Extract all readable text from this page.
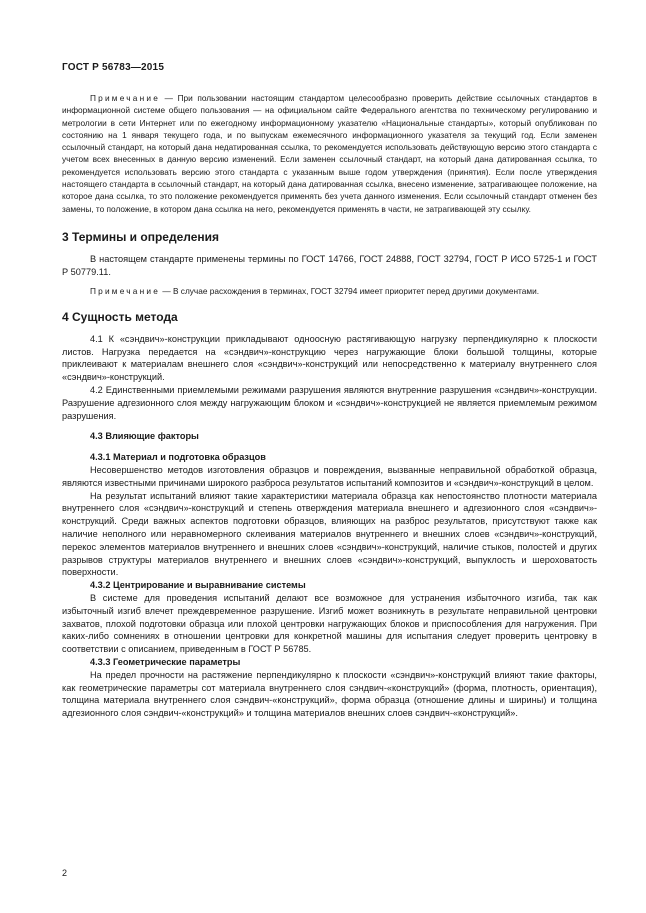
ГОСТ Р 56783—2015

Примечание — При пользовании настоящим стандартом целесообразно проверить действие ссылочных стандартов в информационной системе общего пользования — на официальном сайте Федерального агентства по техническому регулированию и метрологии в сети Интернет или по ежегодному информационному указателю «Национальные стандарты», который опубликован по состоянию на 1 января текущего года, и по выпускам ежемесячного информационного указателя за текущий год. Если заменен ссылочный стандарт, на который дана недатированная ссылка, то рекомендуется использовать действующую версию этого стандарта с учетом всех внесенных в данную версию изменений. Если заменен ссылочный стандарт, на который дана датированная ссылка, то рекомендуется использовать версию этого стандарта с указанным выше годом утверждения (принятия). Если после утверждения настоящего стандарта в ссылочный стандарт, на который дана датированная ссылка, внесено изменение, затрагивающее положение, на которое дана ссылка, то это положение рекомендуется применять без учета данного изменения. Если ссылочный стандарт отменен без замены, то положение, в котором дана ссылка на него, рекомендуется применять в части, не затрагивающей эту ссылку.

3 Термины и определения

В настоящем стандарте применены термины по ГОСТ 14766, ГОСТ 24888, ГОСТ 32794, ГОСТ Р ИСО 5725-1 и ГОСТ Р 50779.11.

Примечание — В случае расхождения в терминах, ГОСТ 32794 имеет приоритет перед другими документами.

4 Сущность метода

4.1 К «сэндвич»-конструкции прикладывают одноосную растягивающую нагрузку перпендикулярно к плоскости листов. Нагрузка передается на «сэндвич»-конструкцию через нагружающие блоки большой толщины, которые приклеивают к материалам внешнего слоя «сэндвич»-конструкций или непосредственно к материалу внутреннего слоя «сэндвич»-конструкций.

4.2 Единственными приемлемыми режимами разрушения являются внутренние разрушения «сэндвич»-конструкции. Разрушение адгезионного слоя между нагружающим блоком и «сэндвич»-конструкцией не является приемлемым режимом разрушения.

4.3 Влияющие факторы

4.3.1 Материал и подготовка образцов

Несовершенство методов изготовления образцов и повреждения, вызванные неправильной обработкой образца, являются известными причинами широкого разброса результатов испытаний композитов и «сэндвич»-конструкций в целом.

На результат испытаний влияют такие характеристики материала образца как непостоянство плотности материала внутреннего слоя «сэндвич»-конструкций и степень отверждения материала внешнего и адгезионного слоя «сэндвич»-конструкций. Среди важных аспектов подготовки образцов, влияющих на разброс результатов, присутствуют также как наличие неполного или неравномерного склеивания материалов внутреннего и внешних слоев «сэндвич»-конструкций, перекос элементов материалов внутреннего и внешних слоев «сэндвич»-конструкций, наличие стыков, полостей и других разрывов структуры материалов внутреннего и внешних слоев «сэндвич»-конструкций, выпуклость и шероховатость поверхности.

4.3.2 Центрирование и выравнивание системы

В системе для проведения испытаний делают все возможное для устранения избыточного изгиба, так как избыточный изгиб влечет преждевременное разрушение. Изгиб может возникнуть в результате неправильной центровки захватов, плохой подготовки образца или плохой центровки нагружающих блоков и приспособления для нагружения. При каких-либо сомнениях в отношении центровки для конкретной машины для испытания следует проверить центровку в соответствии с описанием, приведенным в ГОСТ Р 56785.

4.3.3 Геометрические параметры

На предел прочности на растяжение перпендикулярно к плоскости «сэндвич»-конструкций влияют такие факторы, как геометрические параметры сот материала внутреннего слоя сэндвич-«конструкций» (форма, плотность, ориентация), толщина материала внутреннего слоя сэндвич-«конструкций», форма образца (отношение длины и ширины) и толщина адгезионного слоя сэндвич-«конструкций» и толщина материалов внешних слоев сэндвич-«конструкций».

2
